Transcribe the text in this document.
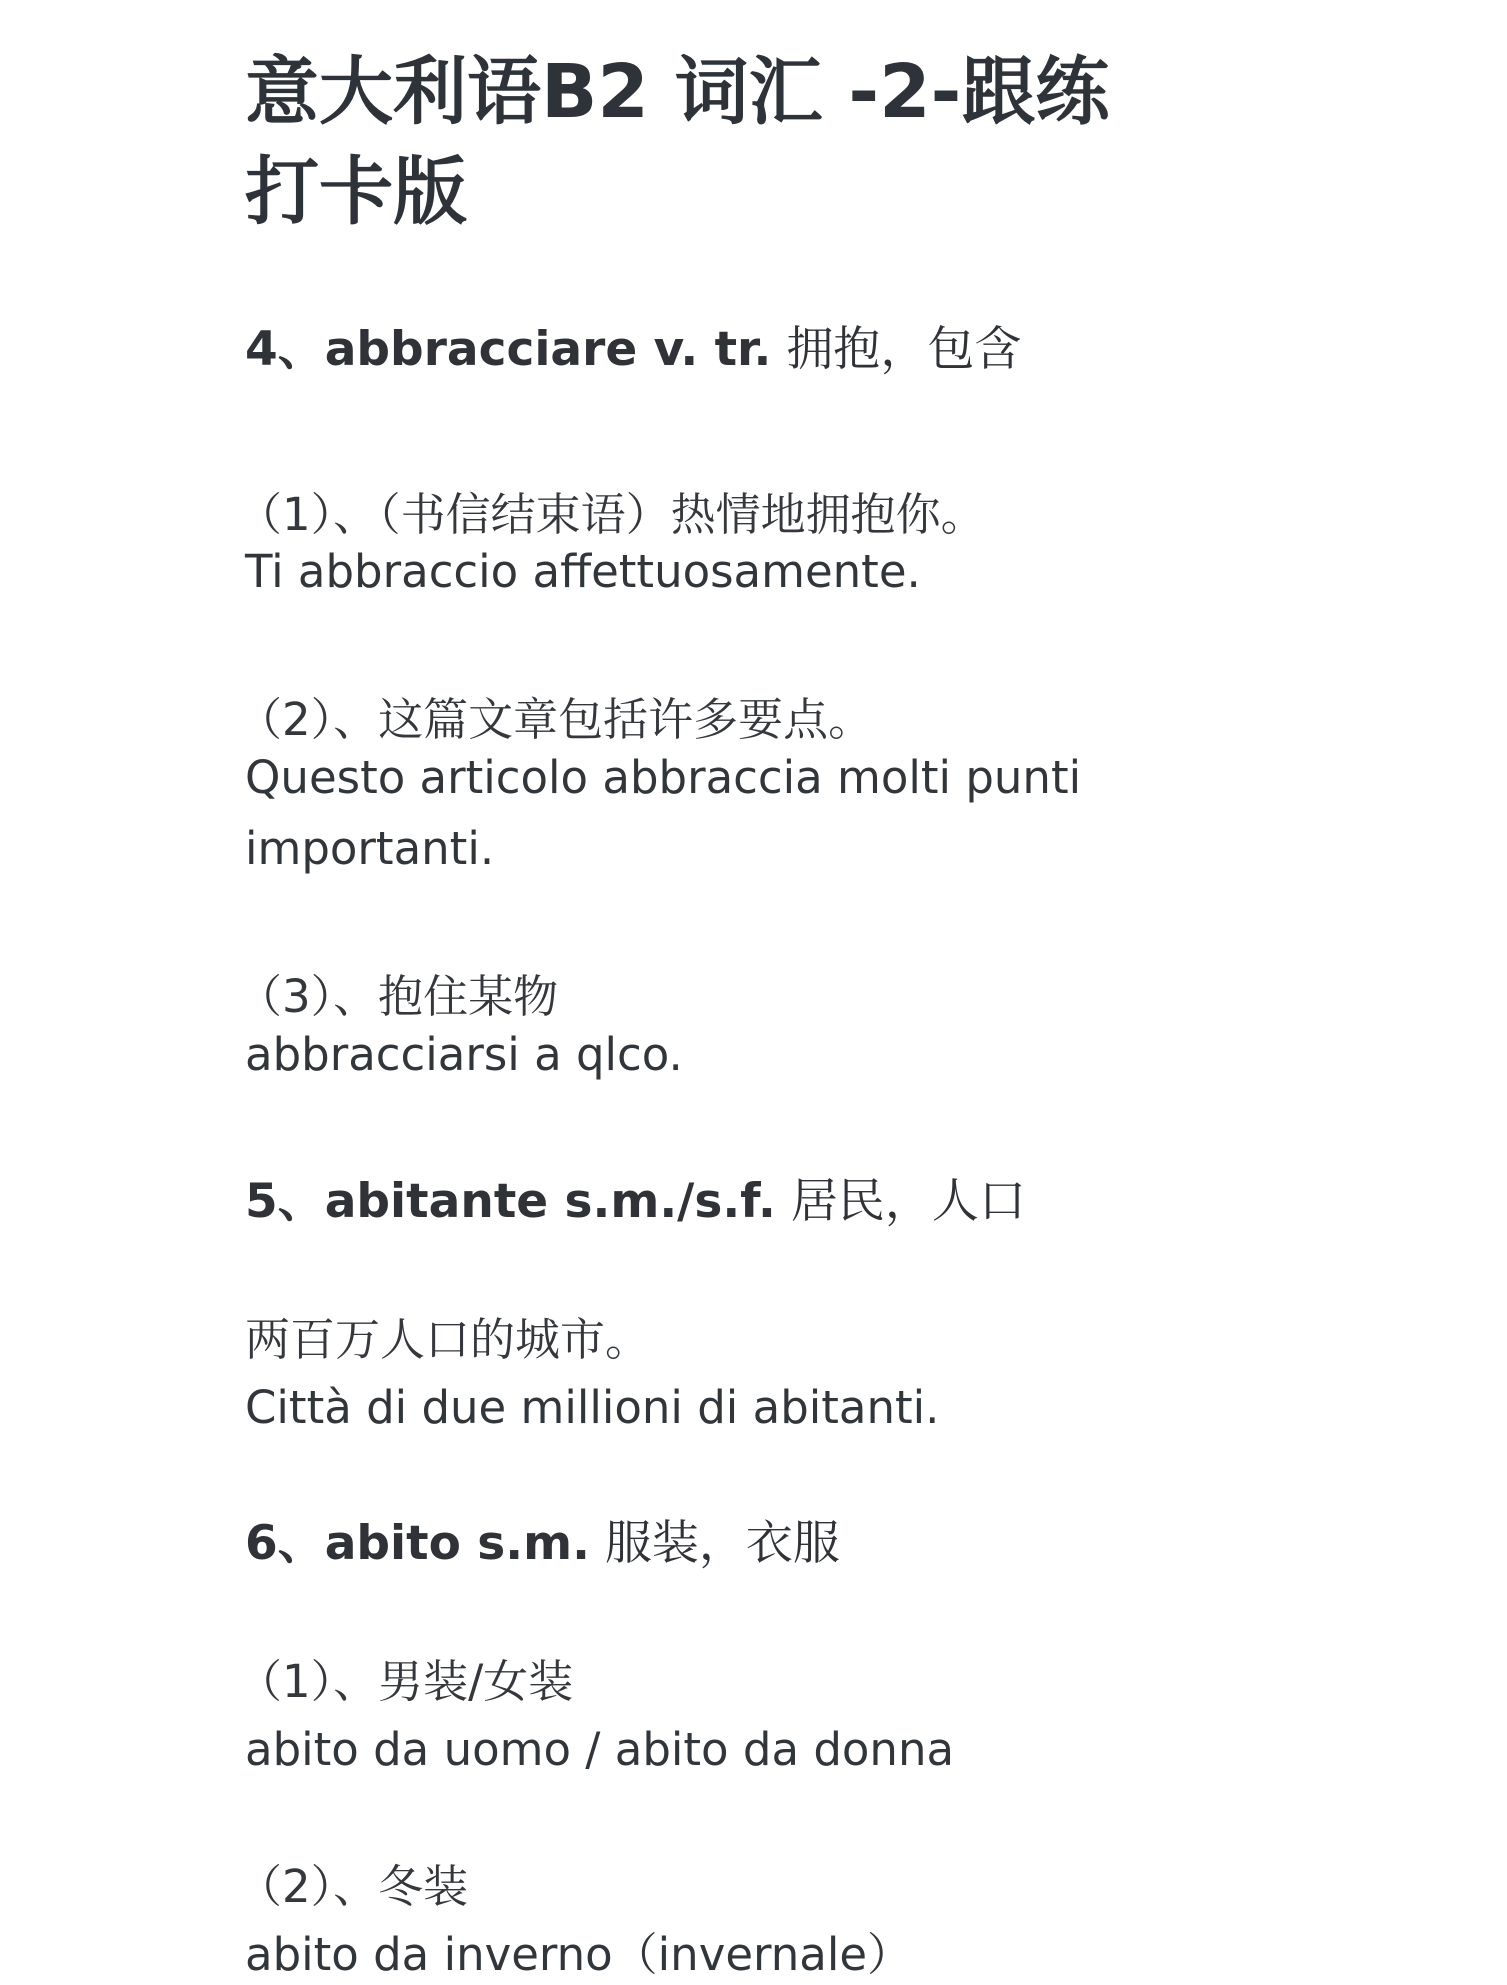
意大利语B2 词汇 -2-跟练
打卡版

4、abbracciare v. tr. 拥抱，包含

（1）、（书信结束语）热情地拥抱你。

Ti abbraccio affettuosamente.

（2）、这篇文章包括许多要点。

Questo articolo abbraccia molti punti

importanti.

（3）、抱住某物

abbracciarsi a qlco.

5、abitante s.m./s.f. 居民，人口

两百万人口的城市。

Città di due millioni di abitanti.

6、abito s.m. 服装，衣服

（1）、男装/女装

abito da uomo / abito da donna

（2）、冬装

abito da inverno（invernale）
